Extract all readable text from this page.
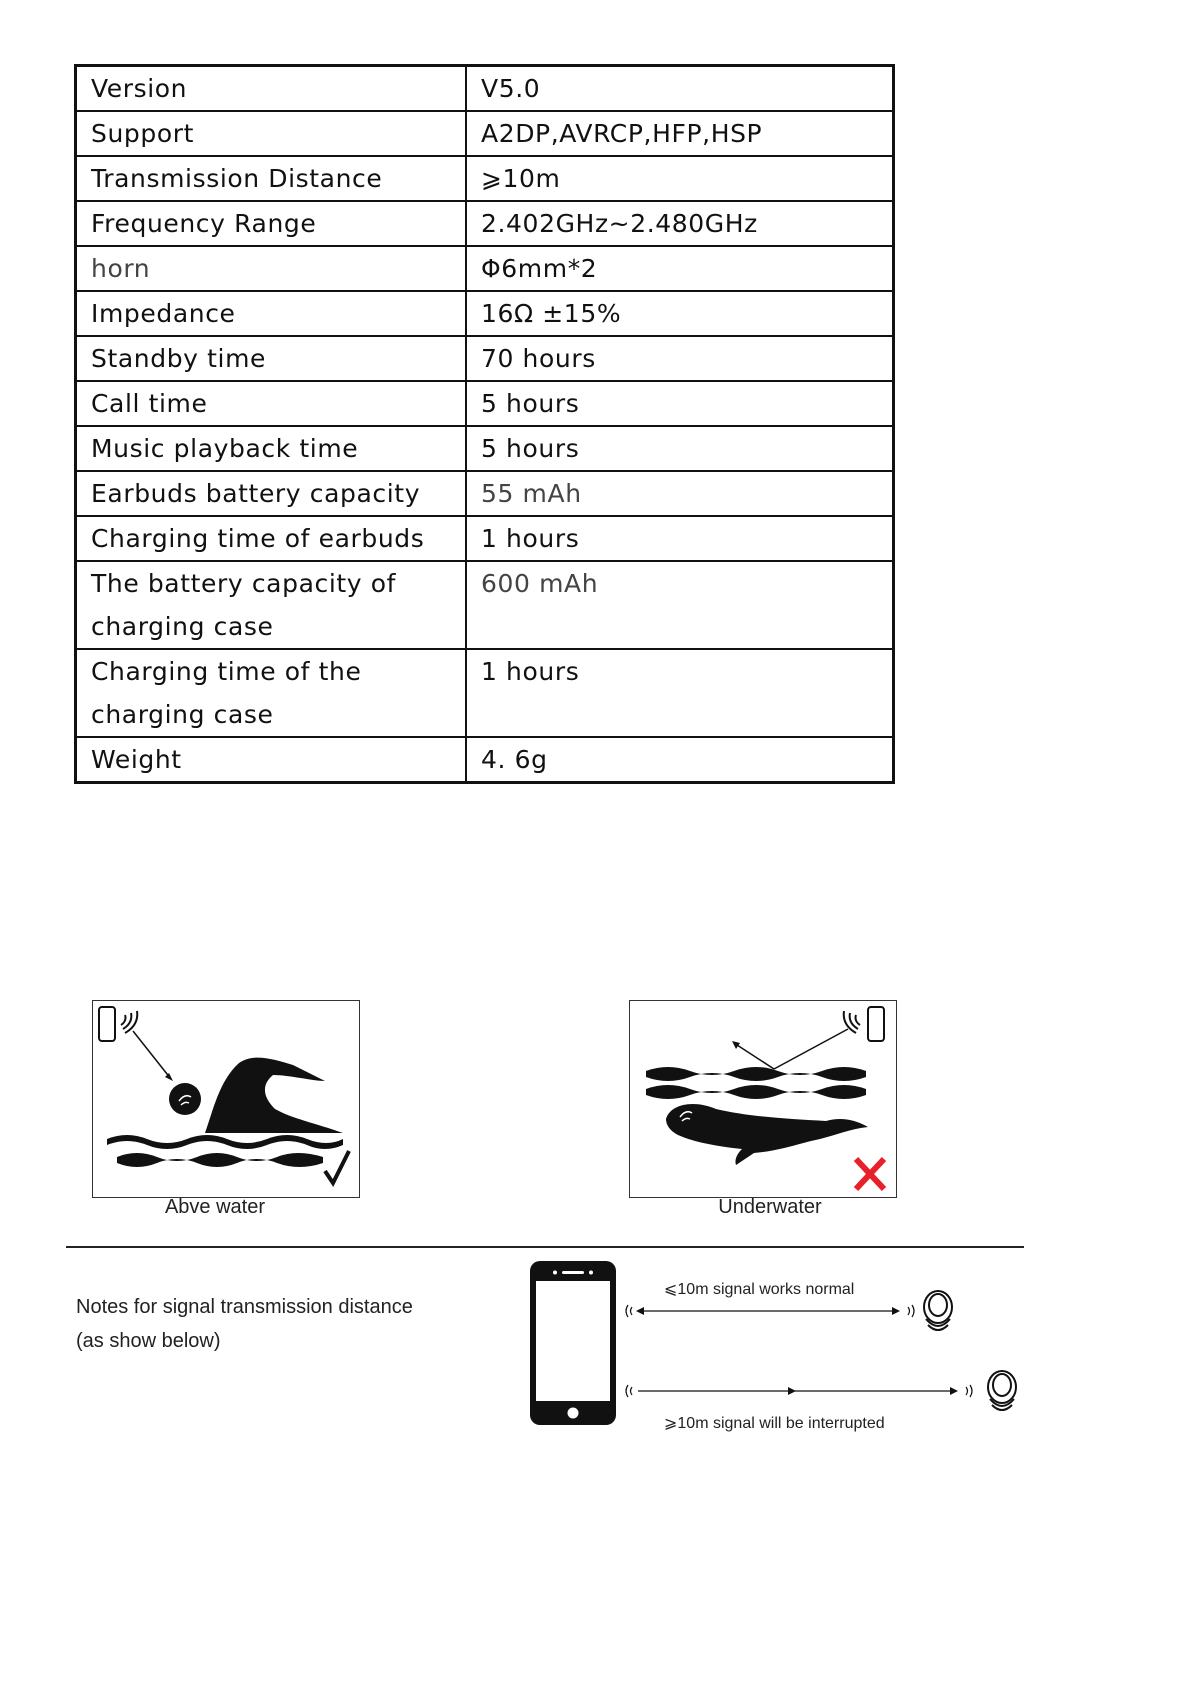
Version	V5.0
Support	A2DP,AVRCP,HFP,HSP
Transmission Distance	⩾10m
Frequency Range	2.402GHz~2.480GHz
horn	Φ6mm*2
Impedance	16Ω ±15%
Standby time	70 hours
Call time	5 hours
Music playback time	5 hours
Earbuds battery capacity	55 mAh
Charging time of earbuds	1 hours
The battery capacity of charging case	600 mAh
Charging time of the charging case	1 hours
Weight	4. 6g
Abve water	Underwater
Notes for signal transmission distance
(as show below)
⩽10m signal works normal
⩾10m signal will be interrupted
